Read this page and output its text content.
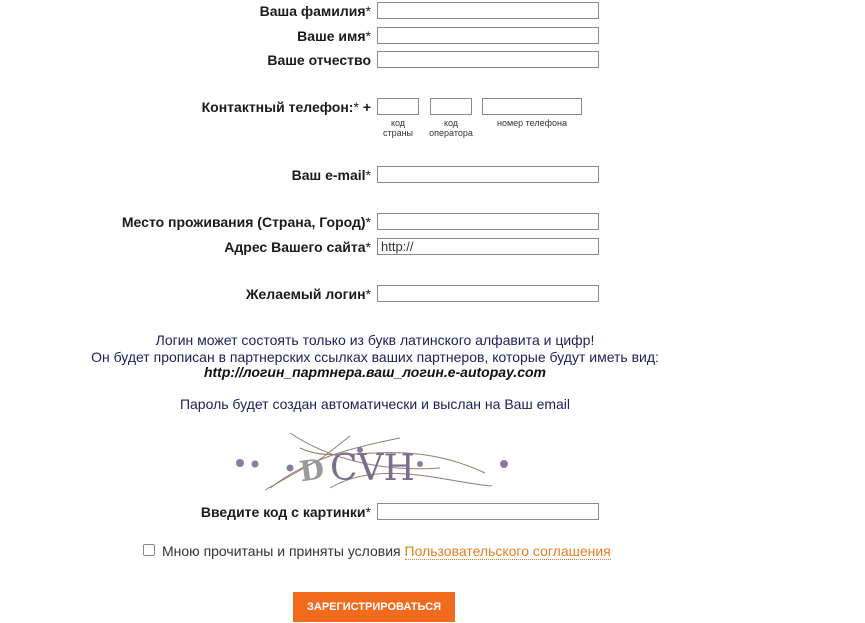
Ваша фамилия*
Ваше имя*
Ваше отчество
Контактный телефон:* +
код страны
код оператора
номер телефона
Ваш e-mail*
Место проживания (Страна, Город)*
Адрес Вашего сайта*
http://
Желаемый логин*
Логин может состоять только из букв латинского алфавита и цифр!
Он будет прописан в партнерских ссылках ваших партнеров, которые будут иметь вид:
http://логин_партнера.ваш_логин.e-autopay.com
Пароль будет создан автоматически и выслан на Ваш email
D CVH
Введите код с картинки*
Мною прочитаны и приняты условия Пользовательского соглашения
ЗАРЕГИСТРИРОВАТЬСЯ
